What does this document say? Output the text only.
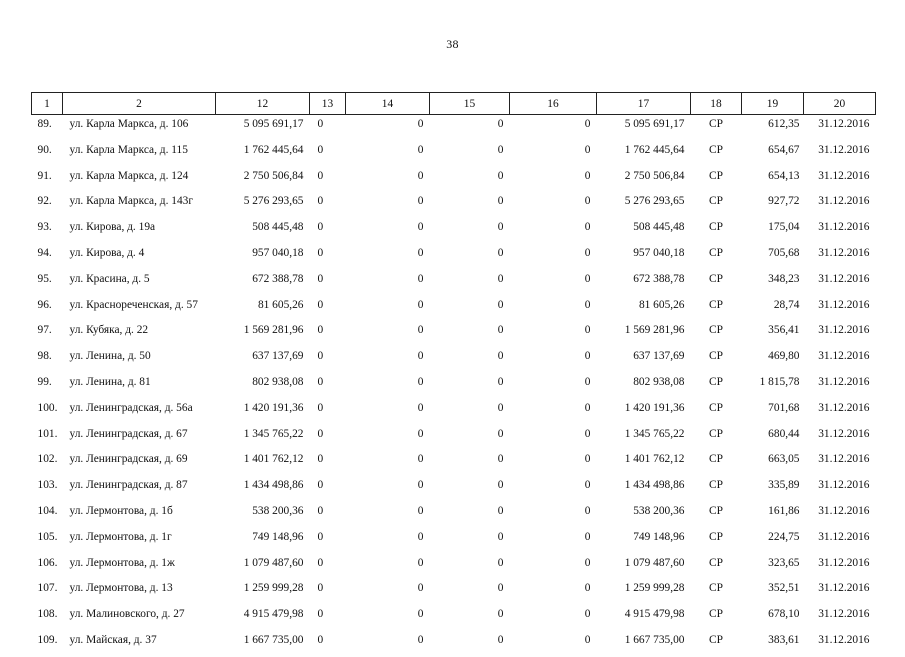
38
1	2	12	13	14	15	16	17	18	19	20
89.	ул. Карла Маркса, д. 106	5 095 691,17	0	0	0	0	5 095 691,17	СР	612,35	31.12.2016
90.	ул. Карла Маркса, д. 115	1 762 445,64	0	0	0	0	1 762 445,64	СР	654,67	31.12.2016
91.	ул. Карла Маркса, д. 124	2 750 506,84	0	0	0	0	2 750 506,84	СР	654,13	31.12.2016
92.	ул. Карла Маркса, д. 143г	5 276 293,65	0	0	0	0	5 276 293,65	СР	927,72	31.12.2016
93.	ул. Кирова, д. 19а	508 445,48	0	0	0	0	508 445,48	СР	175,04	31.12.2016
94.	ул. Кирова, д. 4	957 040,18	0	0	0	0	957 040,18	СР	705,68	31.12.2016
95.	ул. Красина, д. 5	672 388,78	0	0	0	0	672 388,78	СР	348,23	31.12.2016
96.	ул. Краснореченская, д. 57	81 605,26	0	0	0	0	81 605,26	СР	28,74	31.12.2016
97.	ул. Кубяка, д. 22	1 569 281,96	0	0	0	0	1 569 281,96	СР	356,41	31.12.2016
98.	ул. Ленина, д. 50	637 137,69	0	0	0	0	637 137,69	СР	469,80	31.12.2016
99.	ул. Ленина, д. 81	802 938,08	0	0	0	0	802 938,08	СР	1 815,78	31.12.2016
100.	ул. Ленинградская, д. 56а	1 420 191,36	0	0	0	0	1 420 191,36	СР	701,68	31.12.2016
101.	ул. Ленинградская, д. 67	1 345 765,22	0	0	0	0	1 345 765,22	СР	680,44	31.12.2016
102.	ул. Ленинградская, д. 69	1 401 762,12	0	0	0	0	1 401 762,12	СР	663,05	31.12.2016
103.	ул. Ленинградская, д. 87	1 434 498,86	0	0	0	0	1 434 498,86	СР	335,89	31.12.2016
104.	ул. Лермонтова, д. 1б	538 200,36	0	0	0	0	538 200,36	СР	161,86	31.12.2016
105.	ул. Лермонтова, д. 1г	749 148,96	0	0	0	0	749 148,96	СР	224,75	31.12.2016
106.	ул. Лермонтова, д. 1ж	1 079 487,60	0	0	0	0	1 079 487,60	СР	323,65	31.12.2016
107.	ул. Лермонтова, д. 13	1 259 999,28	0	0	0	0	1 259 999,28	СР	352,51	31.12.2016
108.	ул. Малиновского, д. 27	4 915 479,98	0	0	0	0	4 915 479,98	СР	678,10	31.12.2016
109.	ул. Майская, д. 37	1 667 735,00	0	0	0	0	1 667 735,00	СР	383,61	31.12.2016
